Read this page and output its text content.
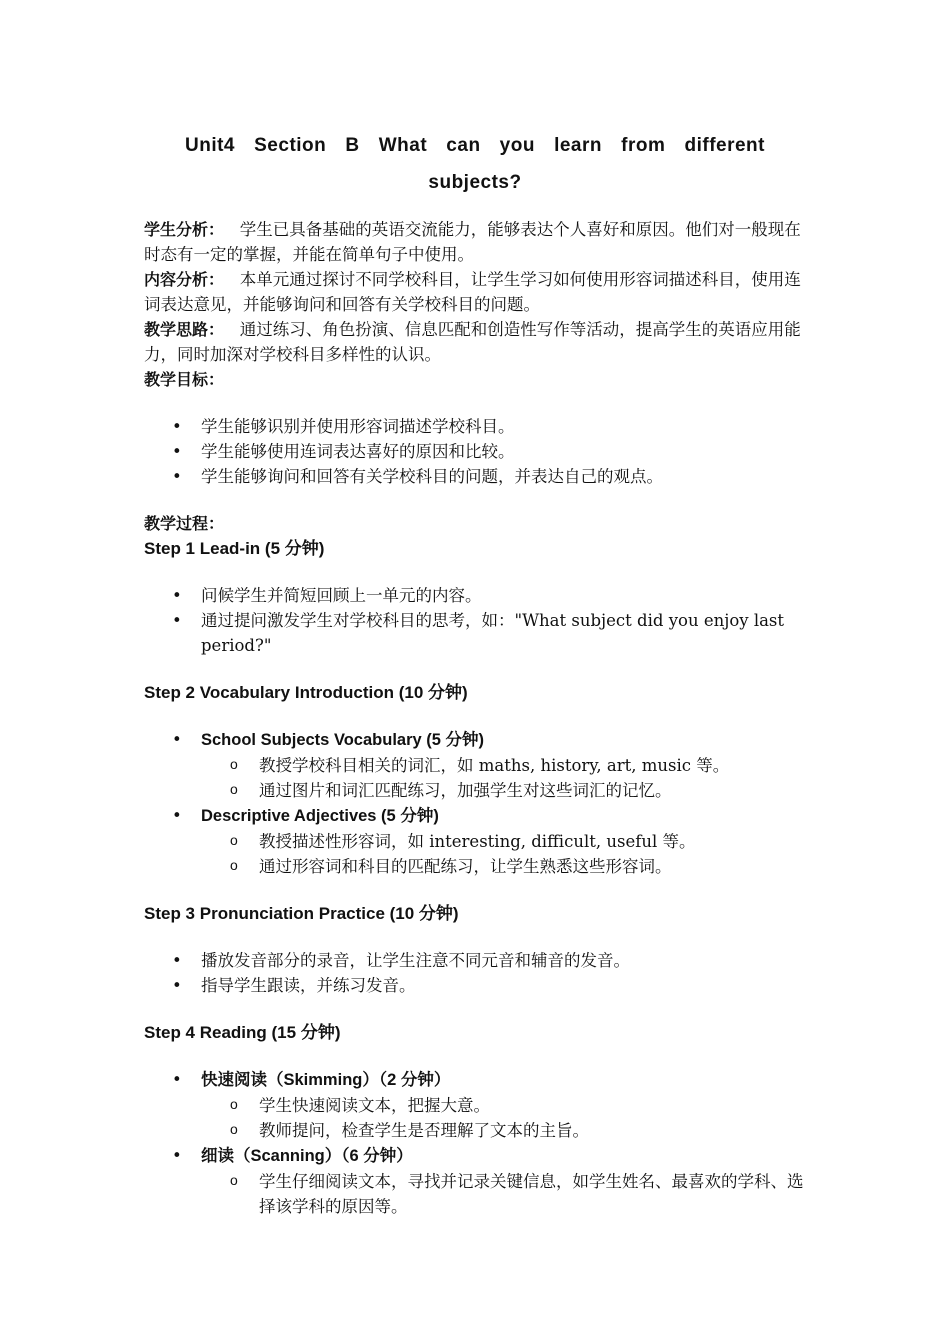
Unit4 Section B What can you learn from different subjects?

学生分析： 学生已具备基础的英语交流能力，能够表达个人喜好和原因。他们对一般现在时态有一定的掌握，并能在简单句子中使用。

内容分析： 本单元通过探讨不同学校科目，让学生学习如何使用形容词描述科目，使用连词表达意见，并能够询问和回答有关学校科目的问题。

教学思路： 通过练习、角色扮演、信息匹配和创造性写作等活动，提高学生的英语应用能力，同时加深对学校科目多样性的认识。

教学目标：

• 学生能够识别并使用形容词描述学校科目。
• 学生能够使用连词表达喜好的原因和比较。
• 学生能够询问和回答有关学校科目的问题，并表达自己的观点。

教学过程：

Step 1 Lead-in (5 分钟)

• 问候学生并简短回顾上一单元的内容。
• 通过提问激发学生对学校科目的思考，如："What subject did you enjoy last period?"

Step 2 Vocabulary Introduction (10 分钟)

• School Subjects Vocabulary (5 分钟)
o 教授学校科目相关的词汇，如 maths, history, art, music 等。
o 通过图片和词汇匹配练习，加强学生对这些词汇的记忆。
• Descriptive Adjectives (5 分钟)
o 教授描述性形容词，如 interesting, difficult, useful 等。
o 通过形容词和科目的匹配练习，让学生熟悉这些形容词。

Step 3 Pronunciation Practice (10 分钟)

• 播放发音部分的录音，让学生注意不同元音和辅音的发音。
• 指导学生跟读，并练习发音。

Step 4 Reading (15 分钟)

• 快速阅读（Skimming）（2 分钟）
o 学生快速阅读文本，把握大意。
o 教师提问，检查学生是否理解了文本的主旨。
• 细读（Scanning）（6 分钟）
o 学生仔细阅读文本，寻找并记录关键信息，如学生姓名、最喜欢的学科、选择该学科的原因等。
